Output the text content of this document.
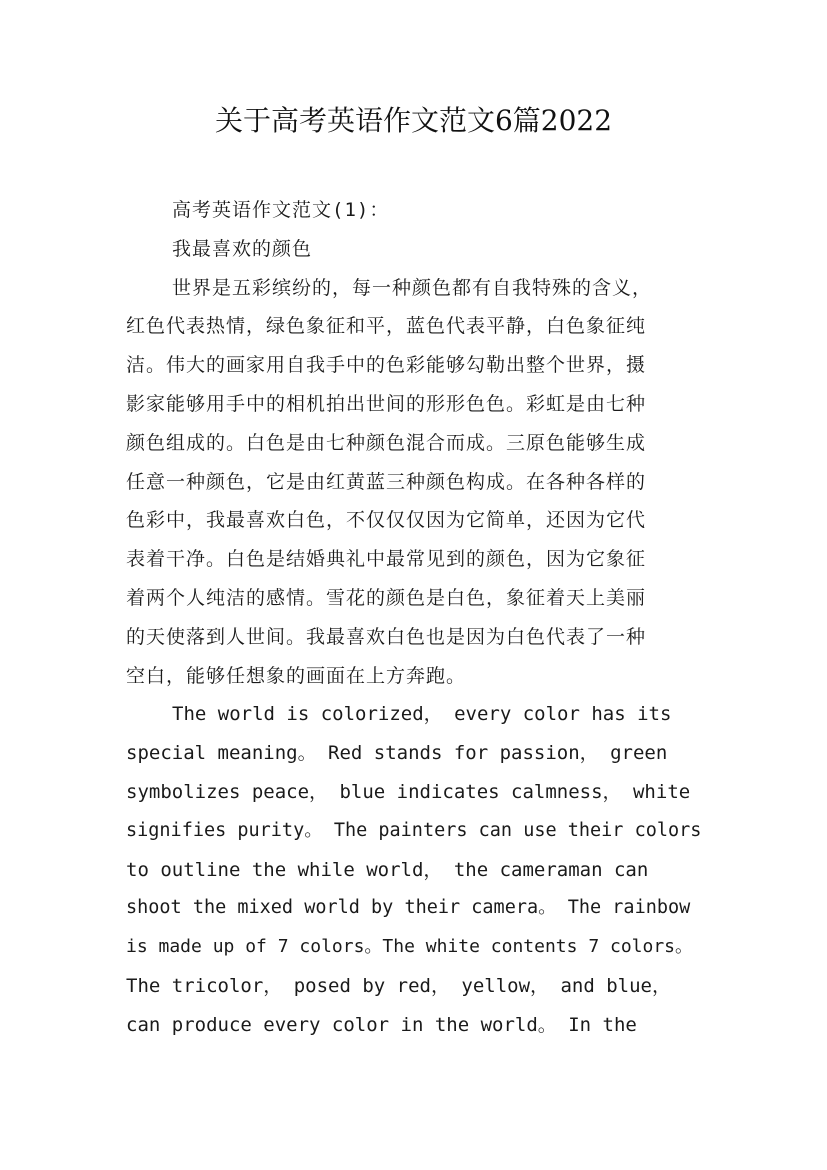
关于高考英语作文范文6篇2022
高考英语作文范文(1)：
我最喜欢的颜色
世界是五彩缤纷的，每一种颜色都有自我特殊的含义，
红色代表热情，绿色象征和平，蓝色代表平静，白色象征纯
洁。伟大的画家用自我手中的色彩能够勾勒出整个世界，摄
影家能够用手中的相机拍出世间的形形色色。彩虹是由七种
颜色组成的。白色是由七种颜色混合而成。三原色能够生成
任意一种颜色，它是由红黄蓝三种颜色构成。在各种各样的
色彩中，我最喜欢白色，不仅仅仅因为它简单，还因为它代
表着干净。白色是结婚典礼中最常见到的颜色，因为它象征
着两个人纯洁的感情。雪花的颜色是白色，象征着天上美丽
的天使落到人世间。我最喜欢白色也是因为白色代表了一种
空白，能够任想象的画面在上方奔跑。
The world is colorized， every color has its
special meaning。 Red stands for passion， green
symbolizes peace， blue indicates calmness， white
signifies purity。 The painters can use their colors
to outline the while world， the cameraman can
shoot the mixed world by their camera。 The rainbow
is made up of 7 colors。The white contents 7 colors。
The tricolor， posed by red， yellow， and blue，
can produce every color in the world。 In the
